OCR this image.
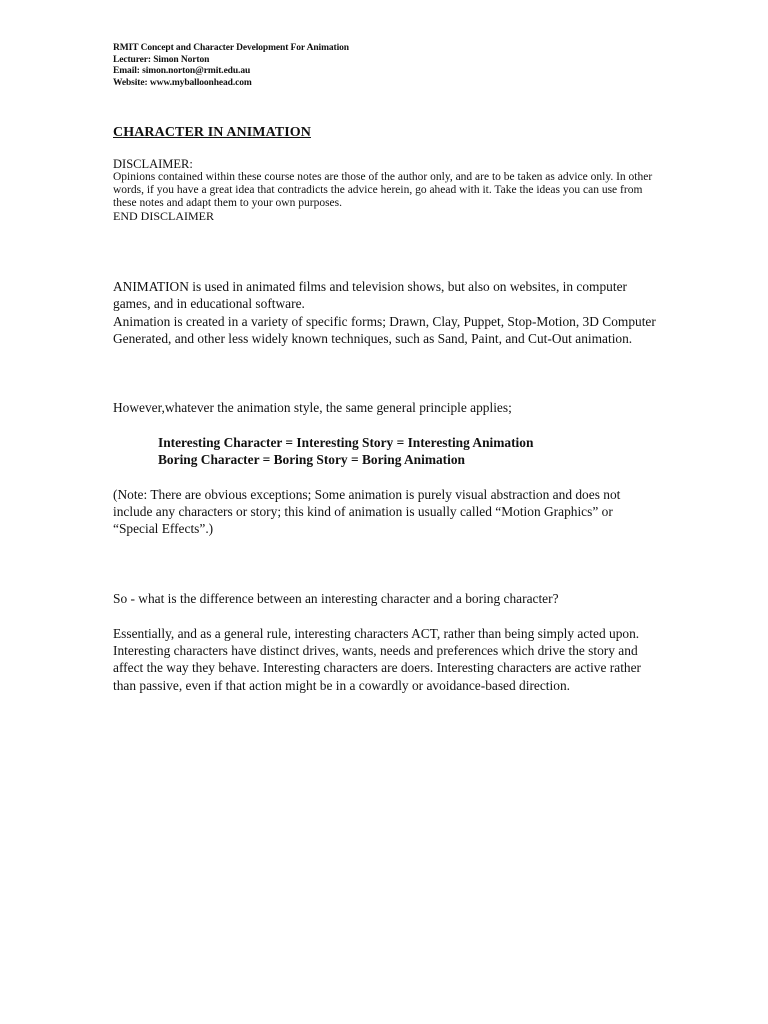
RMIT Concept and Character Development For Animation
Lecturer: Simon Norton
Email: simon.norton@rmit.edu.au
Website: www.myballoonhead.com
CHARACTER IN ANIMATION
DISCLAIMER:
Opinions contained within these course notes are those of the author only, and are to be taken as advice only. In other words, if you have a great idea that contradicts the advice herein, go ahead with it. Take the ideas you can use from these notes and adapt them to your own purposes.
END DISCLAIMER
ANIMATION is used in animated films and television shows, but also on websites, in computer games, and in educational software.
Animation is created in a variety of specific forms; Drawn, Clay, Puppet, Stop-Motion, 3D Computer Generated, and other less widely known techniques, such as Sand, Paint, and Cut-Out animation.
However,whatever the animation style, the same general principle applies;
Interesting Character = Interesting Story = Interesting Animation
Boring Character = Boring Story = Boring Animation
(Note: There are obvious exceptions; Some animation is purely visual abstraction and does not include any characters or story; this kind of animation is usually called “Motion Graphics” or “Special Effects”.)
So - what is the difference between an interesting character and a boring character?
Essentially, and as a general rule, interesting characters ACT, rather than being simply acted upon. Interesting characters have distinct drives, wants, needs and preferences which drive the story and affect the way they behave. Interesting characters are doers. Interesting characters are active rather than passive, even if that action might be in a cowardly or avoidance-based direction.
